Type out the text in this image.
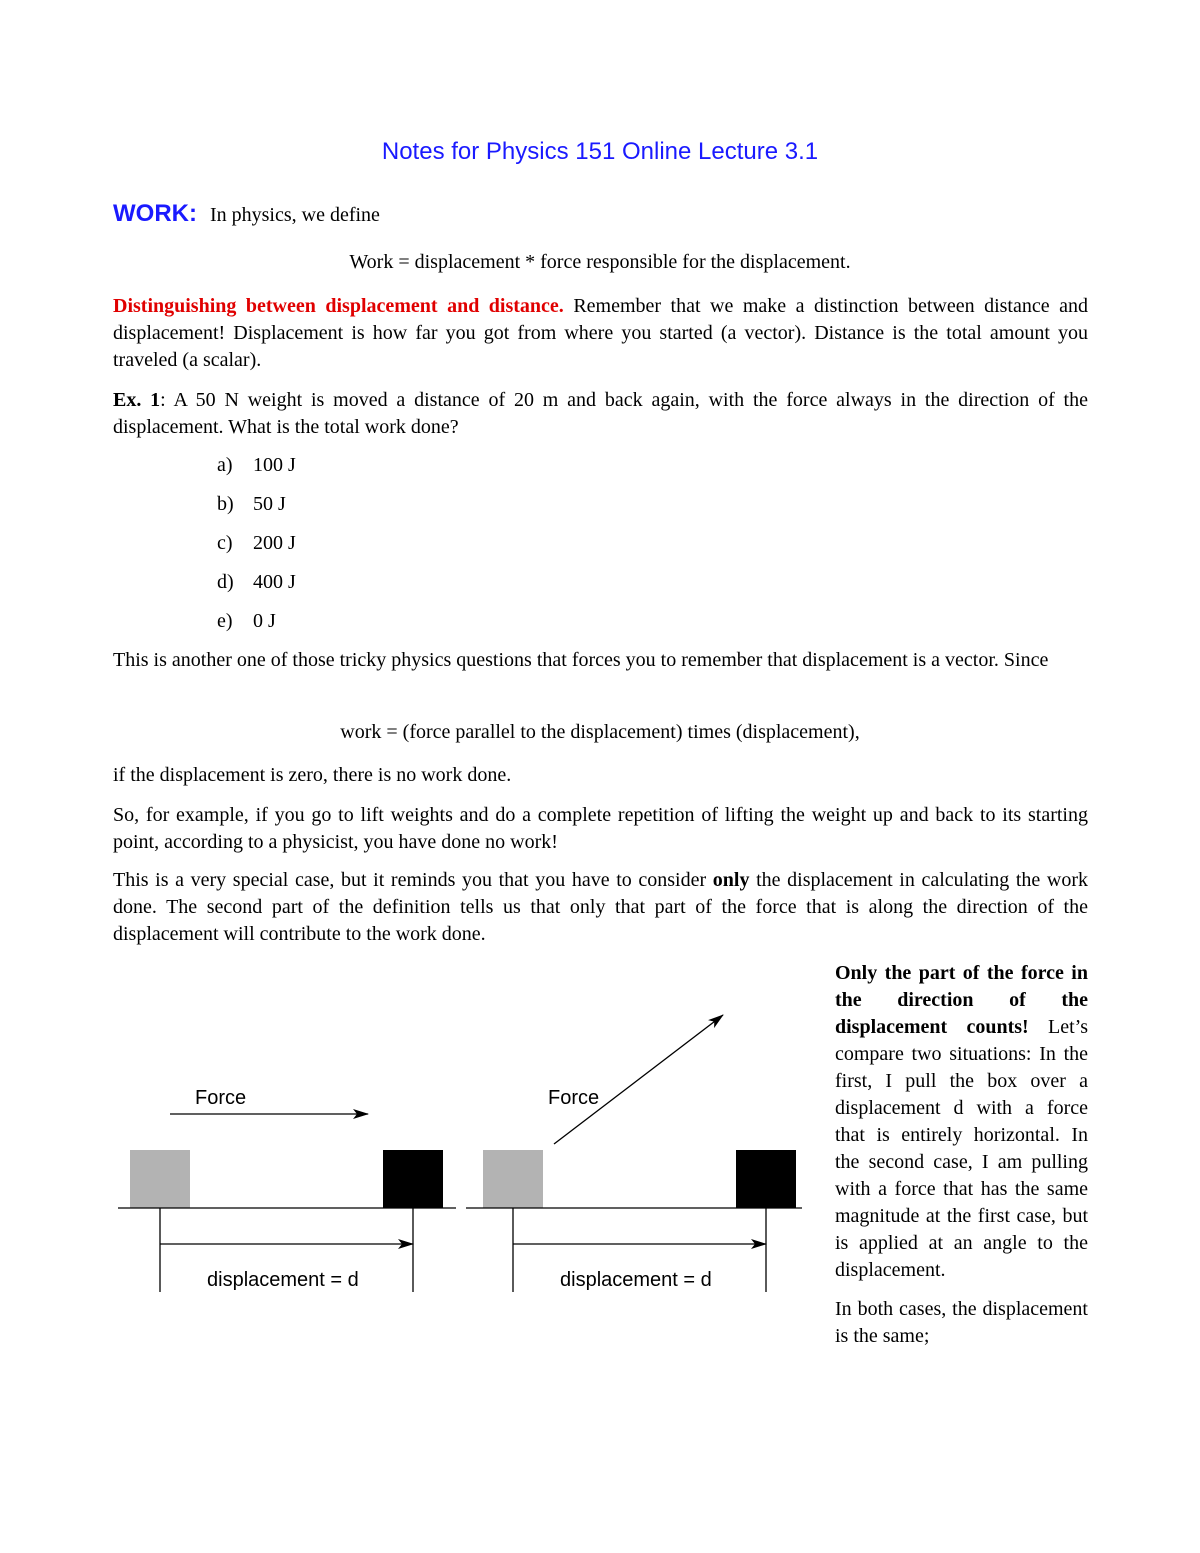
Notes for Physics 151 Online Lecture 3.1
WORK: In physics, we define
Work = displacement * force responsible for the displacement.
Distinguishing between displacement and distance. Remember that we make a distinction between distance and displacement! Displacement is how far you got from where you started (a vector). Distance is the total amount you traveled (a scalar).
Ex. 1: A 50 N weight is moved a distance of 20 m and back again, with the force always in the direction of the displacement. What is the total work done?
a) 100 J
b) 50 J
c) 200 J
d) 400 J
e) 0 J
This is another one of those tricky physics questions that forces you to remember that displacement is a vector. Since
work = (force parallel to the displacement) times (displacement),
if the displacement is zero, there is no work done.
So, for example, if you go to lift weights and do a complete repetition of lifting the weight up and back to its starting point, according to a physicist, you have done no work!
This is a very special case, but it reminds you that you have to consider only the displacement in calculating the work done. The second part of the definition tells us that only that part of the force that is along the direction of the displacement will contribute to the work done.
Force
displacement = d
Force
displacement = d

Only the part of the force in the direction of the displacement counts! Let’s compare two situations: In the first, I pull the box over a displacement d with a force that is entirely horizontal. In the second case, I am pulling with a force that has the same magnitude at the first case, but is applied at an angle to the displacement.

In both cases, the displacement is the same;
